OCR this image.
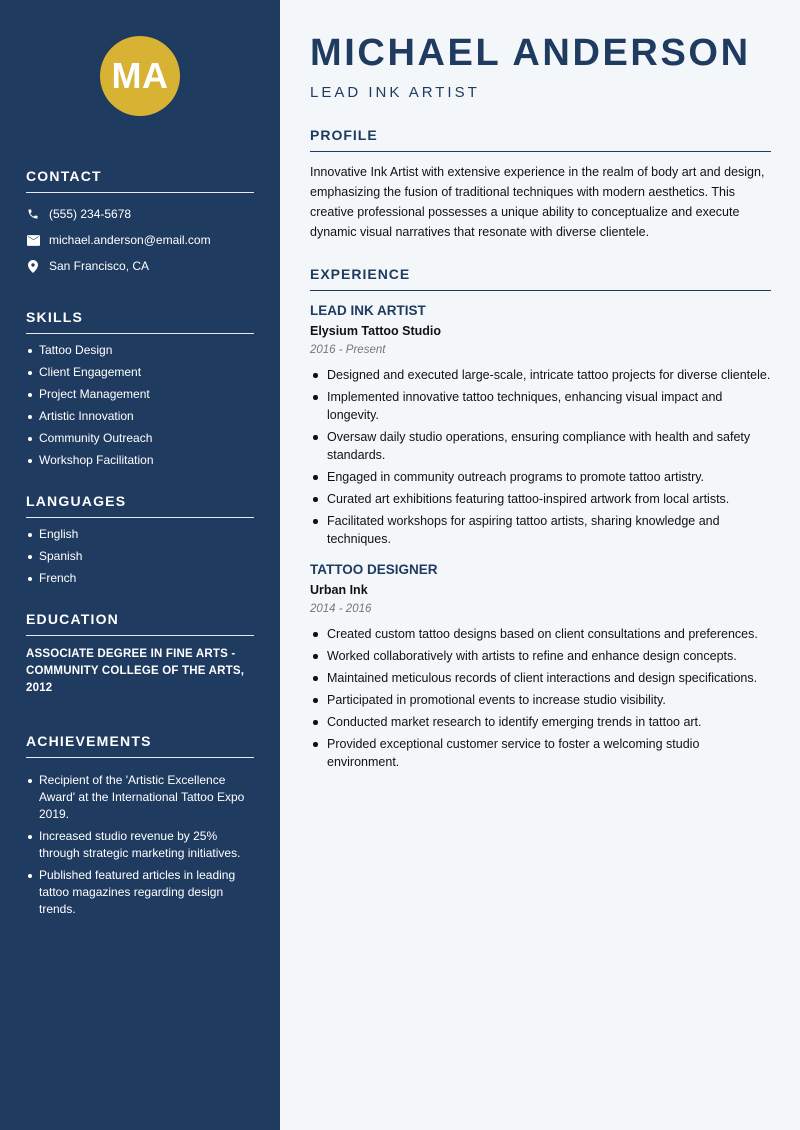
MA
CONTACT
(555) 234-5678
michael.anderson@email.com
San Francisco, CA
SKILLS
Tattoo Design
Client Engagement
Project Management
Artistic Innovation
Community Outreach
Workshop Facilitation
LANGUAGES
English
Spanish
French
EDUCATION
ASSOCIATE DEGREE IN FINE ARTS - COMMUNITY COLLEGE OF THE ARTS, 2012
ACHIEVEMENTS
Recipient of the 'Artistic Excellence Award' at the International Tattoo Expo 2019.
Increased studio revenue by 25% through strategic marketing initiatives.
Published featured articles in leading tattoo magazines regarding design trends.
MICHAEL ANDERSON
LEAD INK ARTIST
PROFILE
Innovative Ink Artist with extensive experience in the realm of body art and design, emphasizing the fusion of traditional techniques with modern aesthetics. This creative professional possesses a unique ability to conceptualize and execute dynamic visual narratives that resonate with diverse clientele.
EXPERIENCE
LEAD INK ARTIST
Elysium Tattoo Studio
2016 - Present
Designed and executed large-scale, intricate tattoo projects for diverse clientele.
Implemented innovative tattoo techniques, enhancing visual impact and longevity.
Oversaw daily studio operations, ensuring compliance with health and safety standards.
Engaged in community outreach programs to promote tattoo artistry.
Curated art exhibitions featuring tattoo-inspired artwork from local artists.
Facilitated workshops for aspiring tattoo artists, sharing knowledge and techniques.
TATTOO DESIGNER
Urban Ink
2014 - 2016
Created custom tattoo designs based on client consultations and preferences.
Worked collaboratively with artists to refine and enhance design concepts.
Maintained meticulous records of client interactions and design specifications.
Participated in promotional events to increase studio visibility.
Conducted market research to identify emerging trends in tattoo art.
Provided exceptional customer service to foster a welcoming studio environment.
